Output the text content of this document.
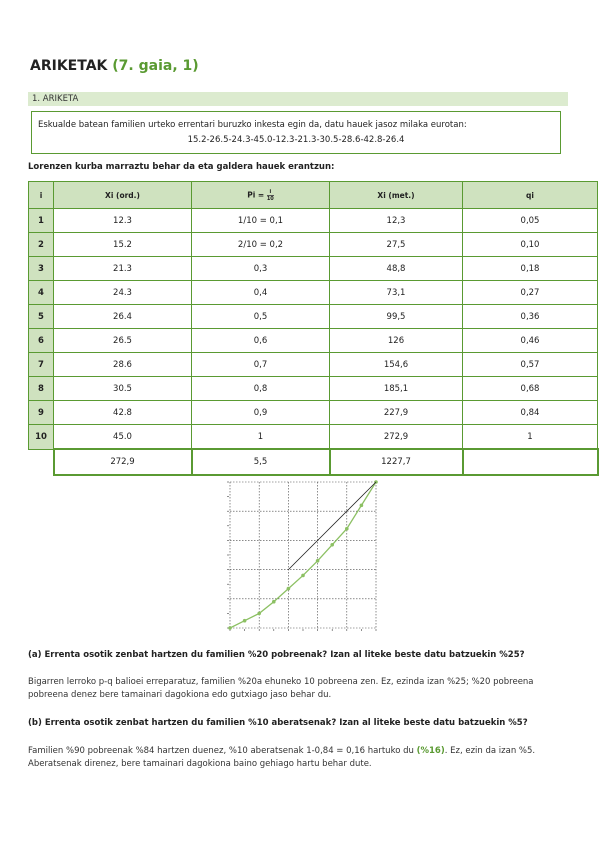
ARIKETAK (7. gaia, 1)
1. ARIKETA
Eskualde batean familien urteko errentari buruzko inkesta egin da, datu hauek jasoz milaka eurotan:
15.2-26.5-24.3-45.0-12.3-21.3-30.5-28.6-42.8-26.4
Lorenzen kurba marraztu behar da eta galdera hauek erantzun:
i	Xi (ord.)	$Pi = \frac{i}{10}$	Xi (met.)	qi
1	12.3	1/10 = 0,1	12,3	0,05
2	15.2	2/10 = 0,2	27,5	0,10
3	21.3	0,3	48,8	0,18
4	24.3	0,4	73,1	0,27
5	26.4	0,5	99,5	0,36
6	26.5	0,6	126	0,46
7	28.6	0,7	154,6	0,57
8	30.5	0,8	185,1	0,68
9	42.8	0,9	227,9	0,84
10	45.0	1	272,9	1
	272,9	5,5	1227,7	
(a) Errenta osotik zenbat hartzen du familien %20 pobreenak? Izan al liteke beste datu batzuekin %25?
Bigarren lerroko p-q balioei erreparatuz, familien %20a ehuneko 10 pobreena zen. Ez, ezinda izan %25; %20 pobreena
pobreena denez bere tamainari dagokiona edo gutxiago jaso behar du.
(b) Errenta osotik zenbat hartzen du familien %10 aberatsenak? Izan al liteke beste datu batzuekin %5?
Familien %90 pobreenak %84 hartzen duenez, %10 aberatsenak 1-0,84 = 0,16 hartuko du (%16). Ez, ezin da izan %5.
Aberatsenak direnez, bere tamainari dagokiona baino gehiago hartu behar dute.
